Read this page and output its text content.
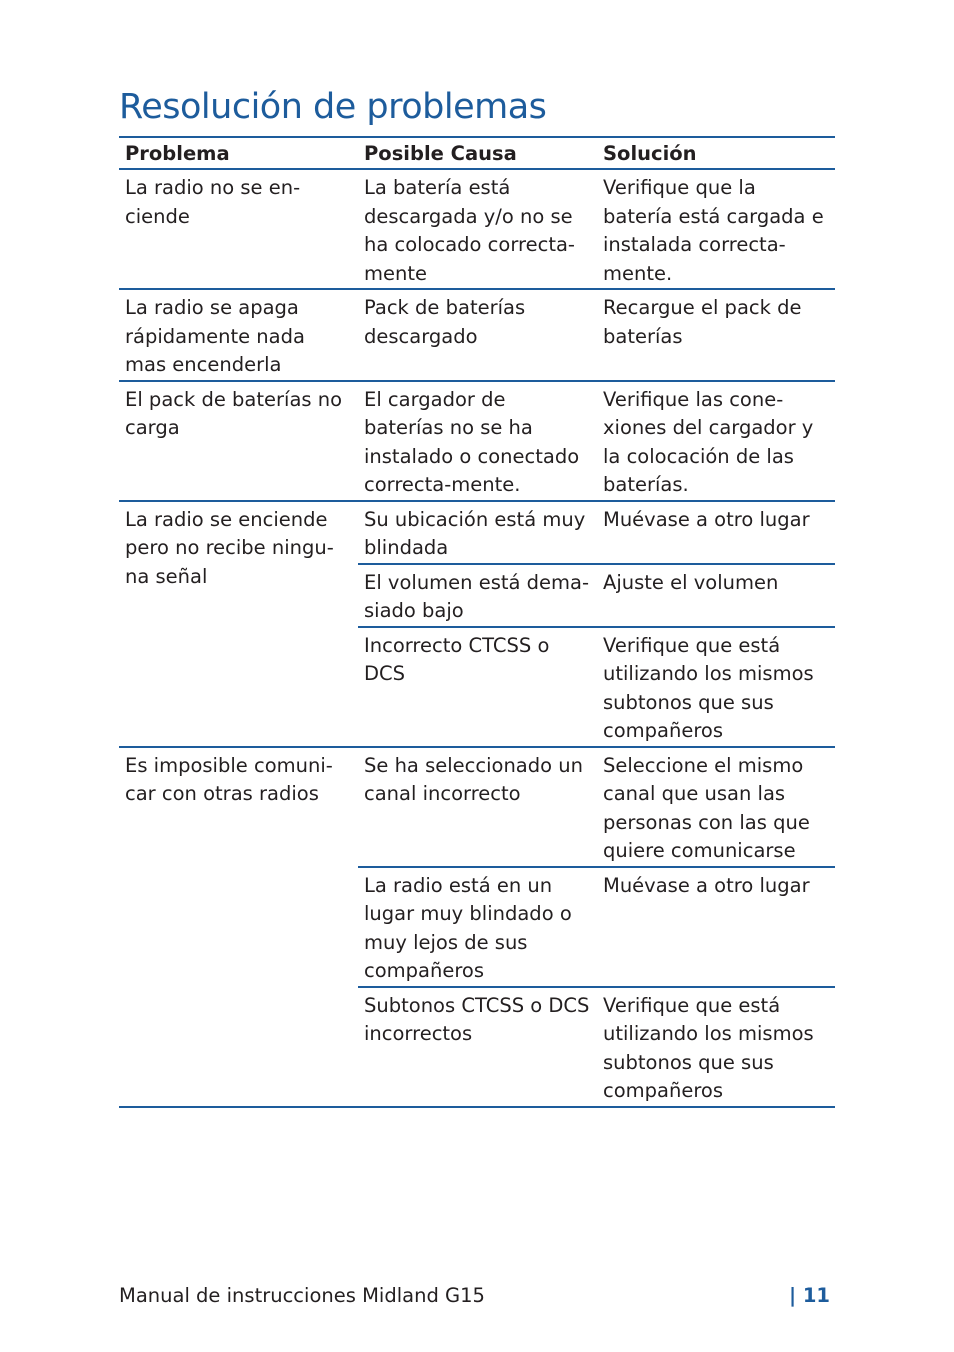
Resolución de problemas
Problema	Posible Causa	Solución
La radio no se en-ciende	La batería está descargada y/o no se ha colocado correcta-mente	Verifique que la batería está cargada e instalada correcta-mente.
La radio se apaga rápidamente nada mas encenderla	Pack de baterías descargado	Recargue el pack de baterías
El pack de baterías no carga	El cargador de baterías no se ha instalado o conectado correcta-mente.	Verifique las cone-xiones del cargador y la colocación de las baterías.
La radio se enciende pero no recibe ningu-na señal	Su ubicación está muy blindada	Muévase a otro lugar
	El volumen está dema-siado bajo	Ajuste el volumen
	Incorrecto CTCSS o DCS	Verifique que está utilizando los mismos subtonos que sus compañeros
Es imposible comuni-car con otras radios	Se ha seleccionado un canal incorrecto	Seleccione el mismo canal que usan las personas con las que quiere comunicarse
	La radio está en un lugar muy blindado o muy lejos de sus compañeros	Muévase a otro lugar
	Subtonos CTCSS o DCS incorrectos	Verifique que está utilizando los mismos subtonos que sus compañeros
Manual de instrucciones Midland G15	| 11
